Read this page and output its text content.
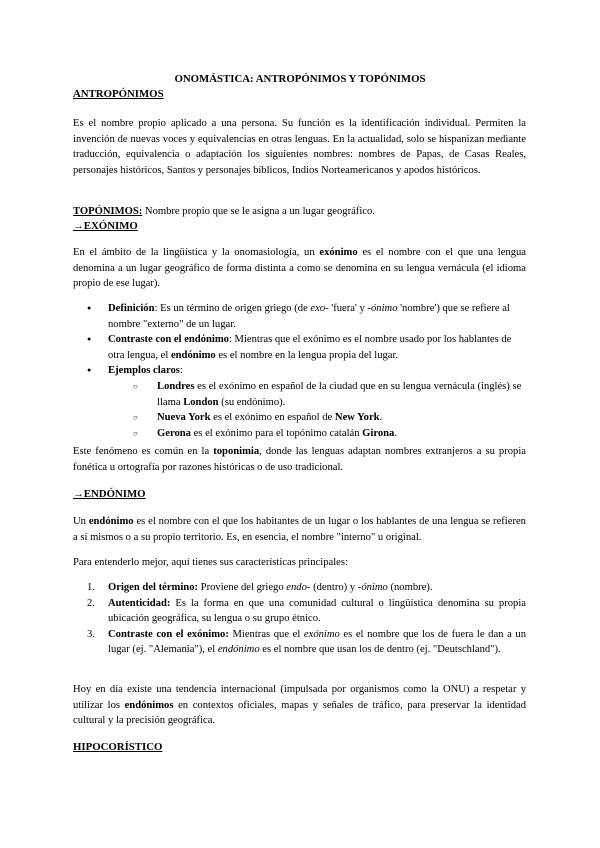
ONOMÁSTICA: ANTROPÓNIMOS Y TOPÓNIMOS
ANTROPÓNIMOS
Es el nombre propio aplicado a una persona. Su función es la identificación individual. Permiten la invención de nuevas voces y equivalencias en otras lenguas. En la actualidad, solo se hispanizan mediante traducción, equivalencia o adaptación los siguientes nombres: nombres de Papas, de Casas Reales, personajes históricos, Santos y personajes bíblicos, Indios Norteamericanos y apodos históricos.
TOPÓNIMOS: Nombre propio que se le asigna a un lugar geográfico.
→EXÓNIMO
En el ámbito de la lingüística y la onomasiología, un exónimo es el nombre con el que una lengua denomina a un lugar geográfico de forma distinta a como se denomina en su lengua vernácula (el idioma propio de ese lugar).
● Definición: Es un término de origen griego (de exo- 'fuera' y -ónimo 'nombre') que se refiere al nombre "externo" de un lugar.
● Contraste con el endónimo: Mientras que el exónimo es el nombre usado por los hablantes de otra lengua, el endónimo es el nombre en la lengua propia del lugar.
● Ejemplos claros:
○ Londres es el exónimo en español de la ciudad que en su lengua vernácula (inglés) se llama London (su endónimo).
○ Nueva York es el exónimo en español de New York.
○ Gerona es el exónimo para el topónimo catalán Girona.
Este fenómeno es común en la toponimia, donde las lenguas adaptan nombres extranjeros a su propia fonética u ortografía por razones históricas o de uso tradicional.
→ENDÓNIMO
Un endónimo es el nombre con el que los habitantes de un lugar o los hablantes de una lengua se refieren a sí mismos o a su propio territorio. Es, en esencia, el nombre "interno" u original.
Para entenderlo mejor, aquí tienes sus características principales:
1. Origen del término: Proviene del griego endo- (dentro) y -ónimo (nombre).
2. Autenticidad: Es la forma en que una comunidad cultural o lingüística denomina su propia ubicación geográfica, su lengua o su grupo étnico.
3. Contraste con el exónimo: Mientras que el exónimo es el nombre que los de fuera le dan a un lugar (ej. "Alemania"), el endónimo es el nombre que usan los de dentro (ej. "Deutschland").
Hoy en día existe una tendencia internacional (impulsada por organismos como la ONU) a respetar y utilizar los endónimos en contextos oficiales, mapas y señales de tráfico, para preservar la identidad cultural y la precisión geográfica.
HIPOCORÍSTICO
